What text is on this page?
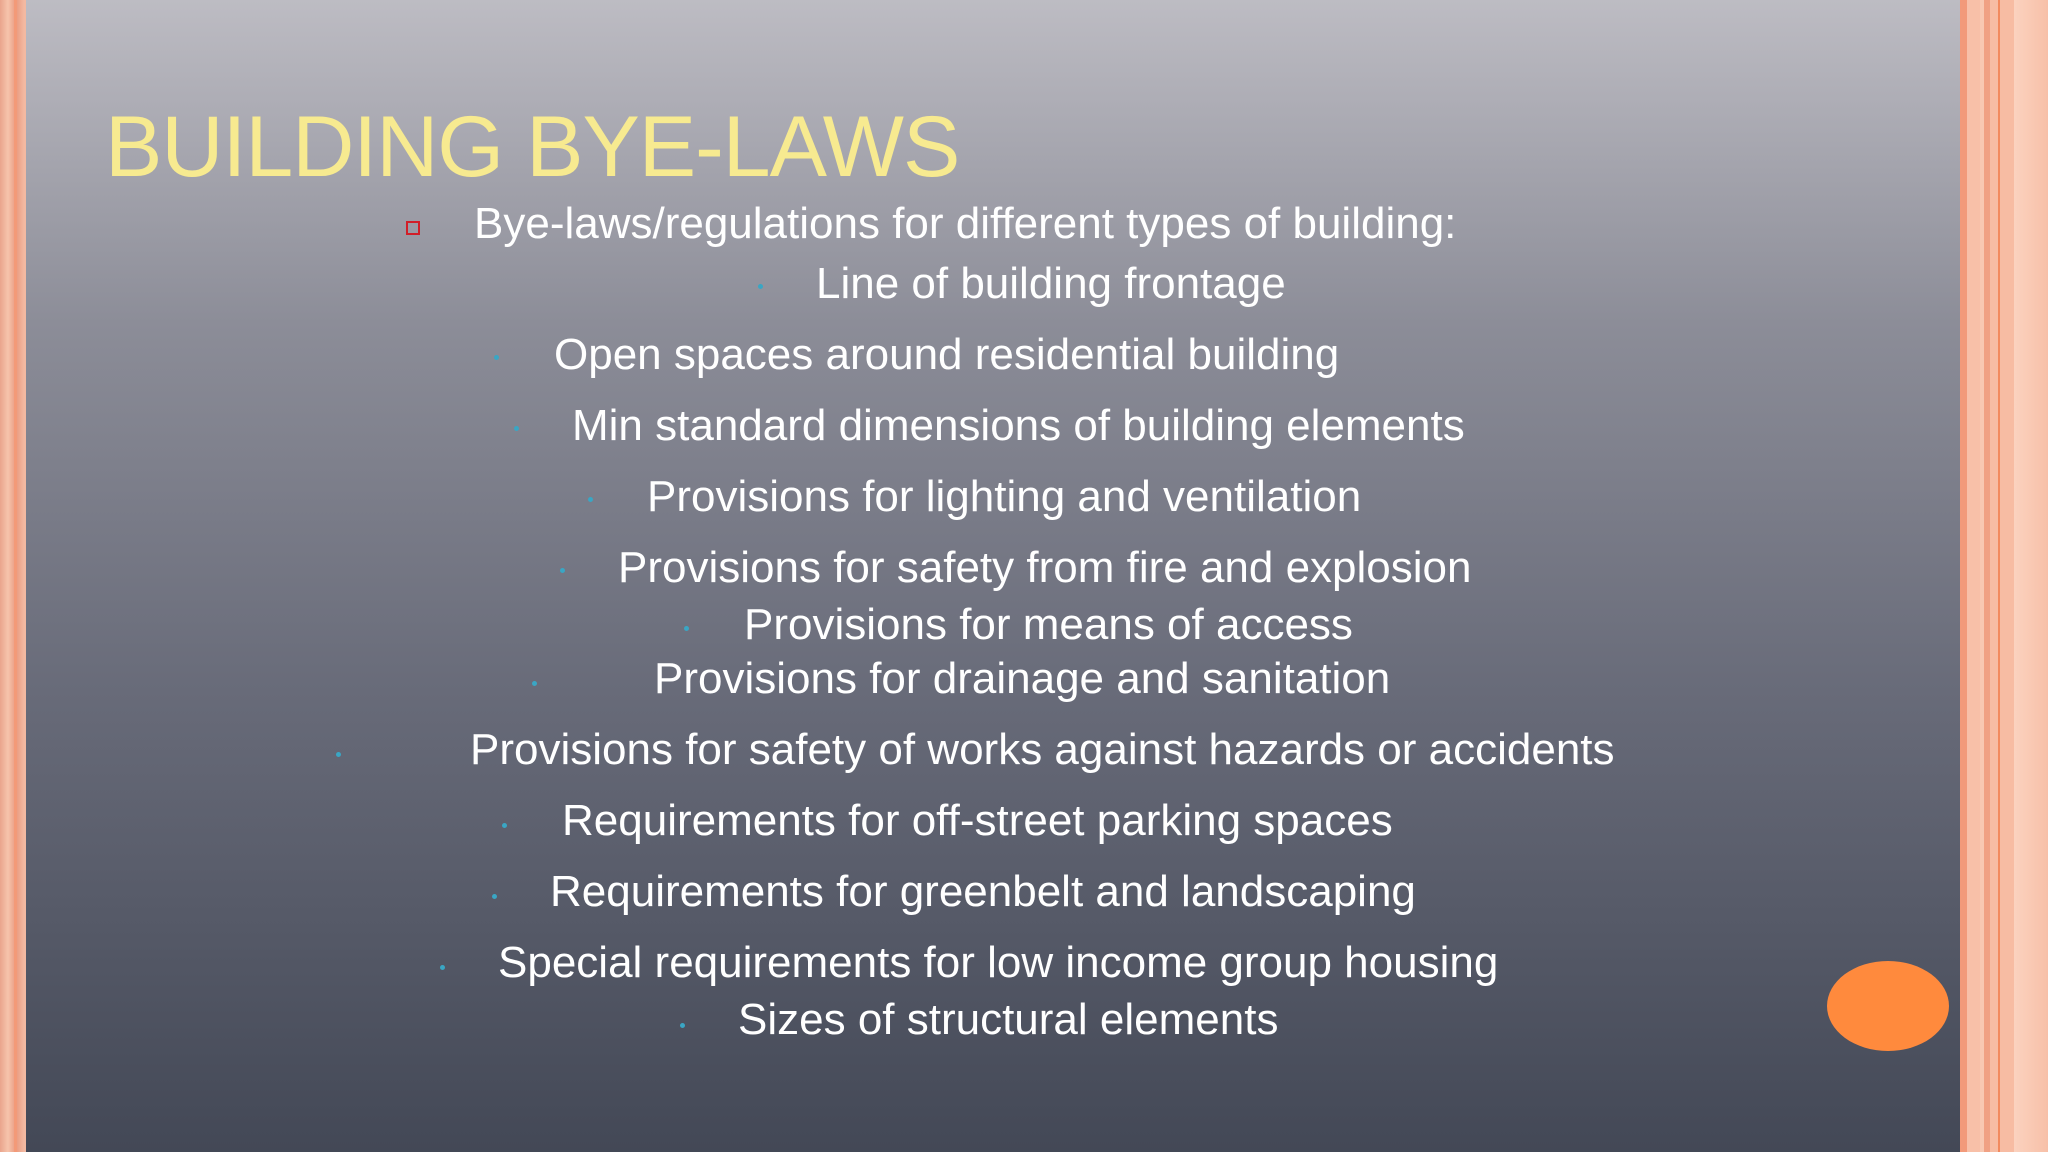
BUILDING BYE-LAWS
Bye-laws/regulations for different types of building:
Line of building frontage
Open spaces around residential building
Min standard dimensions of building elements
Provisions for lighting and ventilation
Provisions for safety from fire and explosion
Provisions for means of access
Provisions for drainage and sanitation
Provisions for safety of works against hazards or accidents
Requirements for off-street parking spaces
Requirements for greenbelt and landscaping
Special requirements for low income group housing
Sizes of structural elements
